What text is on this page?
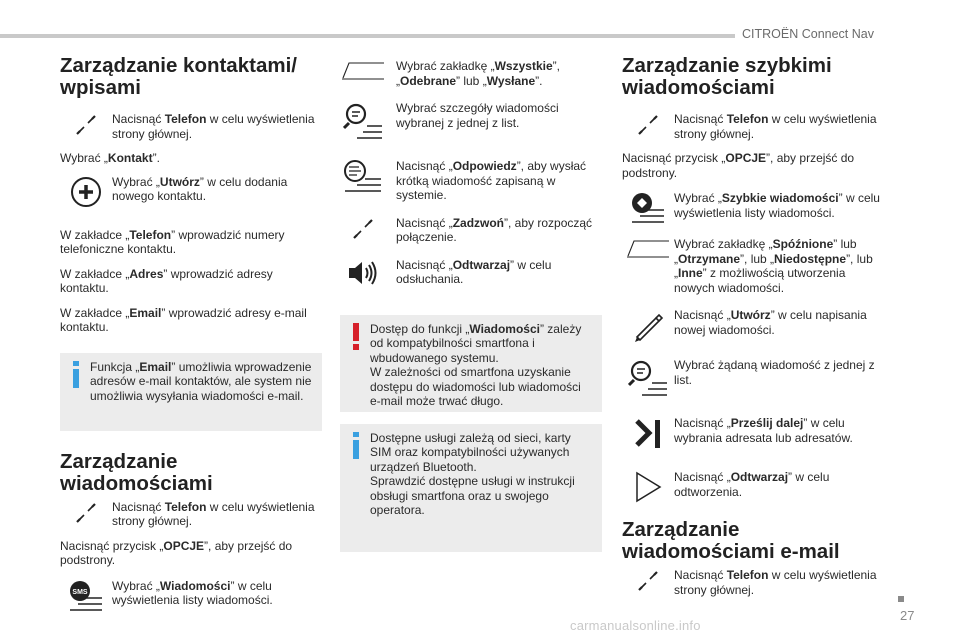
CITROËN Connect Nav
Zarządzanie kontaktami/ wpisami
Nacisnąć Telefon w celu wyświetlenia strony głównej.

Wybrać „Kontakt”.

Wybrać „Utwórz” w celu dodania nowego kontaktu.

W zakładce „Telefon” wprowadzić numery telefoniczne kontaktu.

W zakładce „Adres” wprowadzić adresy kontaktu.

W zakładce „Email” wprowadzić adresy e-mail kontaktu.

Funkcja „Email” umożliwia wprowadzenie adresów e-mail kontaktów, ale system nie umożliwia wysyłania wiadomości e-mail.
Zarządzanie wiadomościami
Nacisnąć Telefon w celu wyświetlenia strony głównej.

Nacisnąć przycisk „OPCJE”, aby przejść do podstrony.

SMS Wybrać „Wiadomości” w celu wyświetlenia listy wiadomości.
Wybrać zakładkę „Wszystkie”, „Odebrane” lub „Wysłane”.
Wybrać szczegóły wiadomości wybranej z jednej z list.
Nacisnąć „Odpowiedz”, aby wysłać krótką wiadomość zapisaną w systemie.
Nacisnąć „Zadzwoń”, aby rozpocząć połączenie.
Nacisnąć „Odtwarzaj” w celu odsłuchania.
Dostęp do funkcji „Wiadomości” zależy od kompatybilności smartfona i wbudowanego systemu.
W zależności od smartfona uzyskanie dostępu do wiadomości lub wiadomości e-mail może trwać długo.
Dostępne usługi zależą od sieci, karty SIM oraz kompatybilności używanych urządzeń Bluetooth.
Sprawdzić dostępne usługi w instrukcji obsługi smartfona oraz u swojego operatora.
Zarządzanie szybkimi wiadomościami
Nacisnąć Telefon w celu wyświetlenia strony głównej.

Nacisnąć przycisk „OPCJE”, aby przejść do podstrony.

Wybrać „Szybkie wiadomości” w celu wyświetlenia listy wiadomości.
Wybrać zakładkę „Spóźnione” lub „Otrzymane”, lub „Niedostępne”, lub „Inne” z możliwością utworzenia nowych wiadomości.
Nacisnąć „Utwórz” w celu napisania nowej wiadomości.
Wybrać żądaną wiadomość z jednej z list.
Nacisnąć „Prześlij dalej” w celu wybrania adresata lub adresatów.
Nacisnąć „Odtwarzaj” w celu odtworzenia.
Zarządzanie wiadomościami e-mail
Nacisnąć Telefon w celu wyświetlenia strony głównej.
27
carmanualsonline.info
